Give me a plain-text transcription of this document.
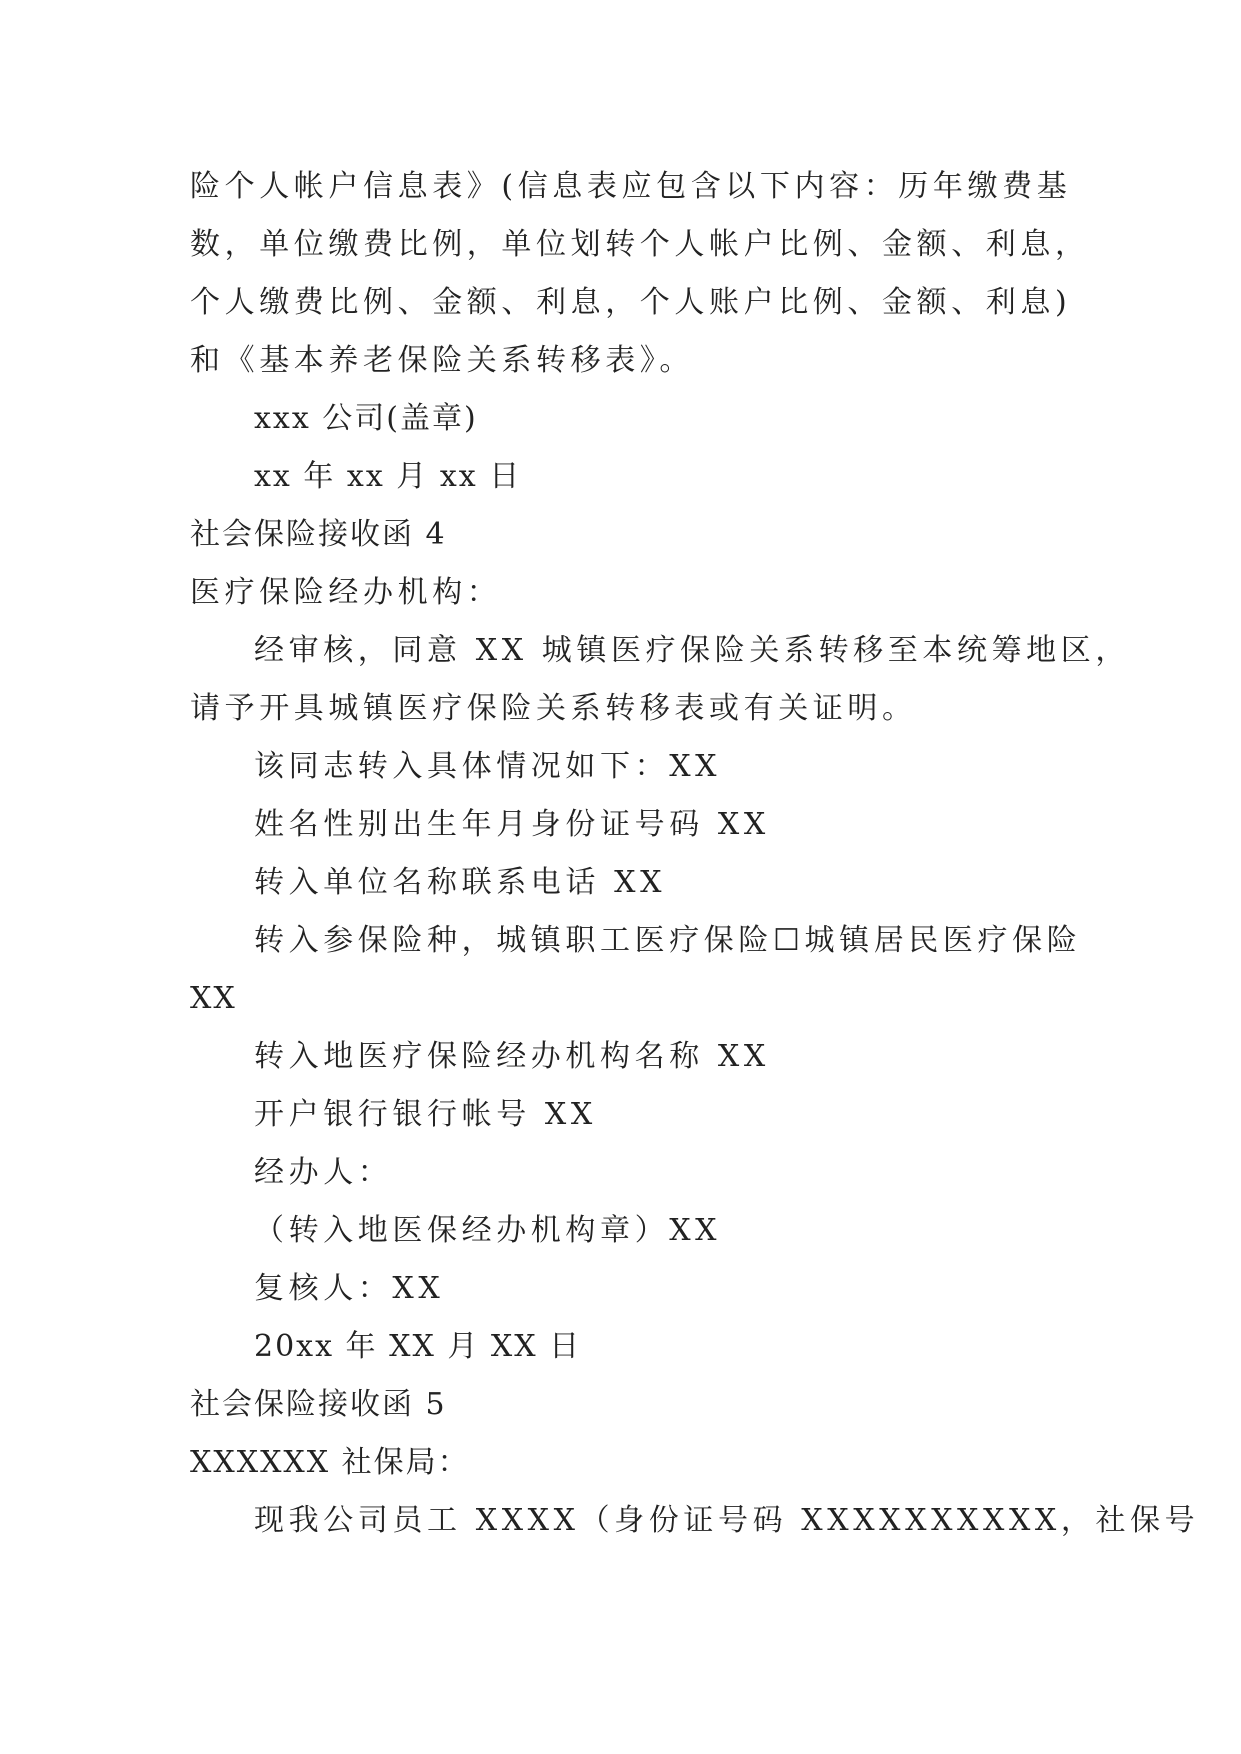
险个人帐户信息表》(信息表应包含以下内容：历年缴费基
数，单位缴费比例，单位划转个人帐户比例、金额、利息，
个人缴费比例、金额、利息，个人账户比例、金额、利息)
和《基本养老保险关系转移表》。
xxx 公司(盖章)
xx 年 xx 月 xx 日
社会保险接收函 4
医疗保险经办机构：
经审核，同意 XX 城镇医疗保险关系转移至本统筹地区，
请予开具城镇医疗保险关系转移表或有关证明。
该同志转入具体情况如下：XX
姓名性别出生年月身份证号码 XX
转入单位名称联系电话 XX
转入参保险种，城镇职工医疗保险☐城镇居民医疗保险
XX
转入地医疗保险经办机构名称 XX
开户银行银行帐号 XX
经办人：
（转入地医保经办机构章）XX
复核人：XX
20xx 年 XX 月 XX 日
社会保险接收函 5
XXXXXX 社保局：
现我公司员工 XXXX（身份证号码 XXXXXXXXXX，社保号
